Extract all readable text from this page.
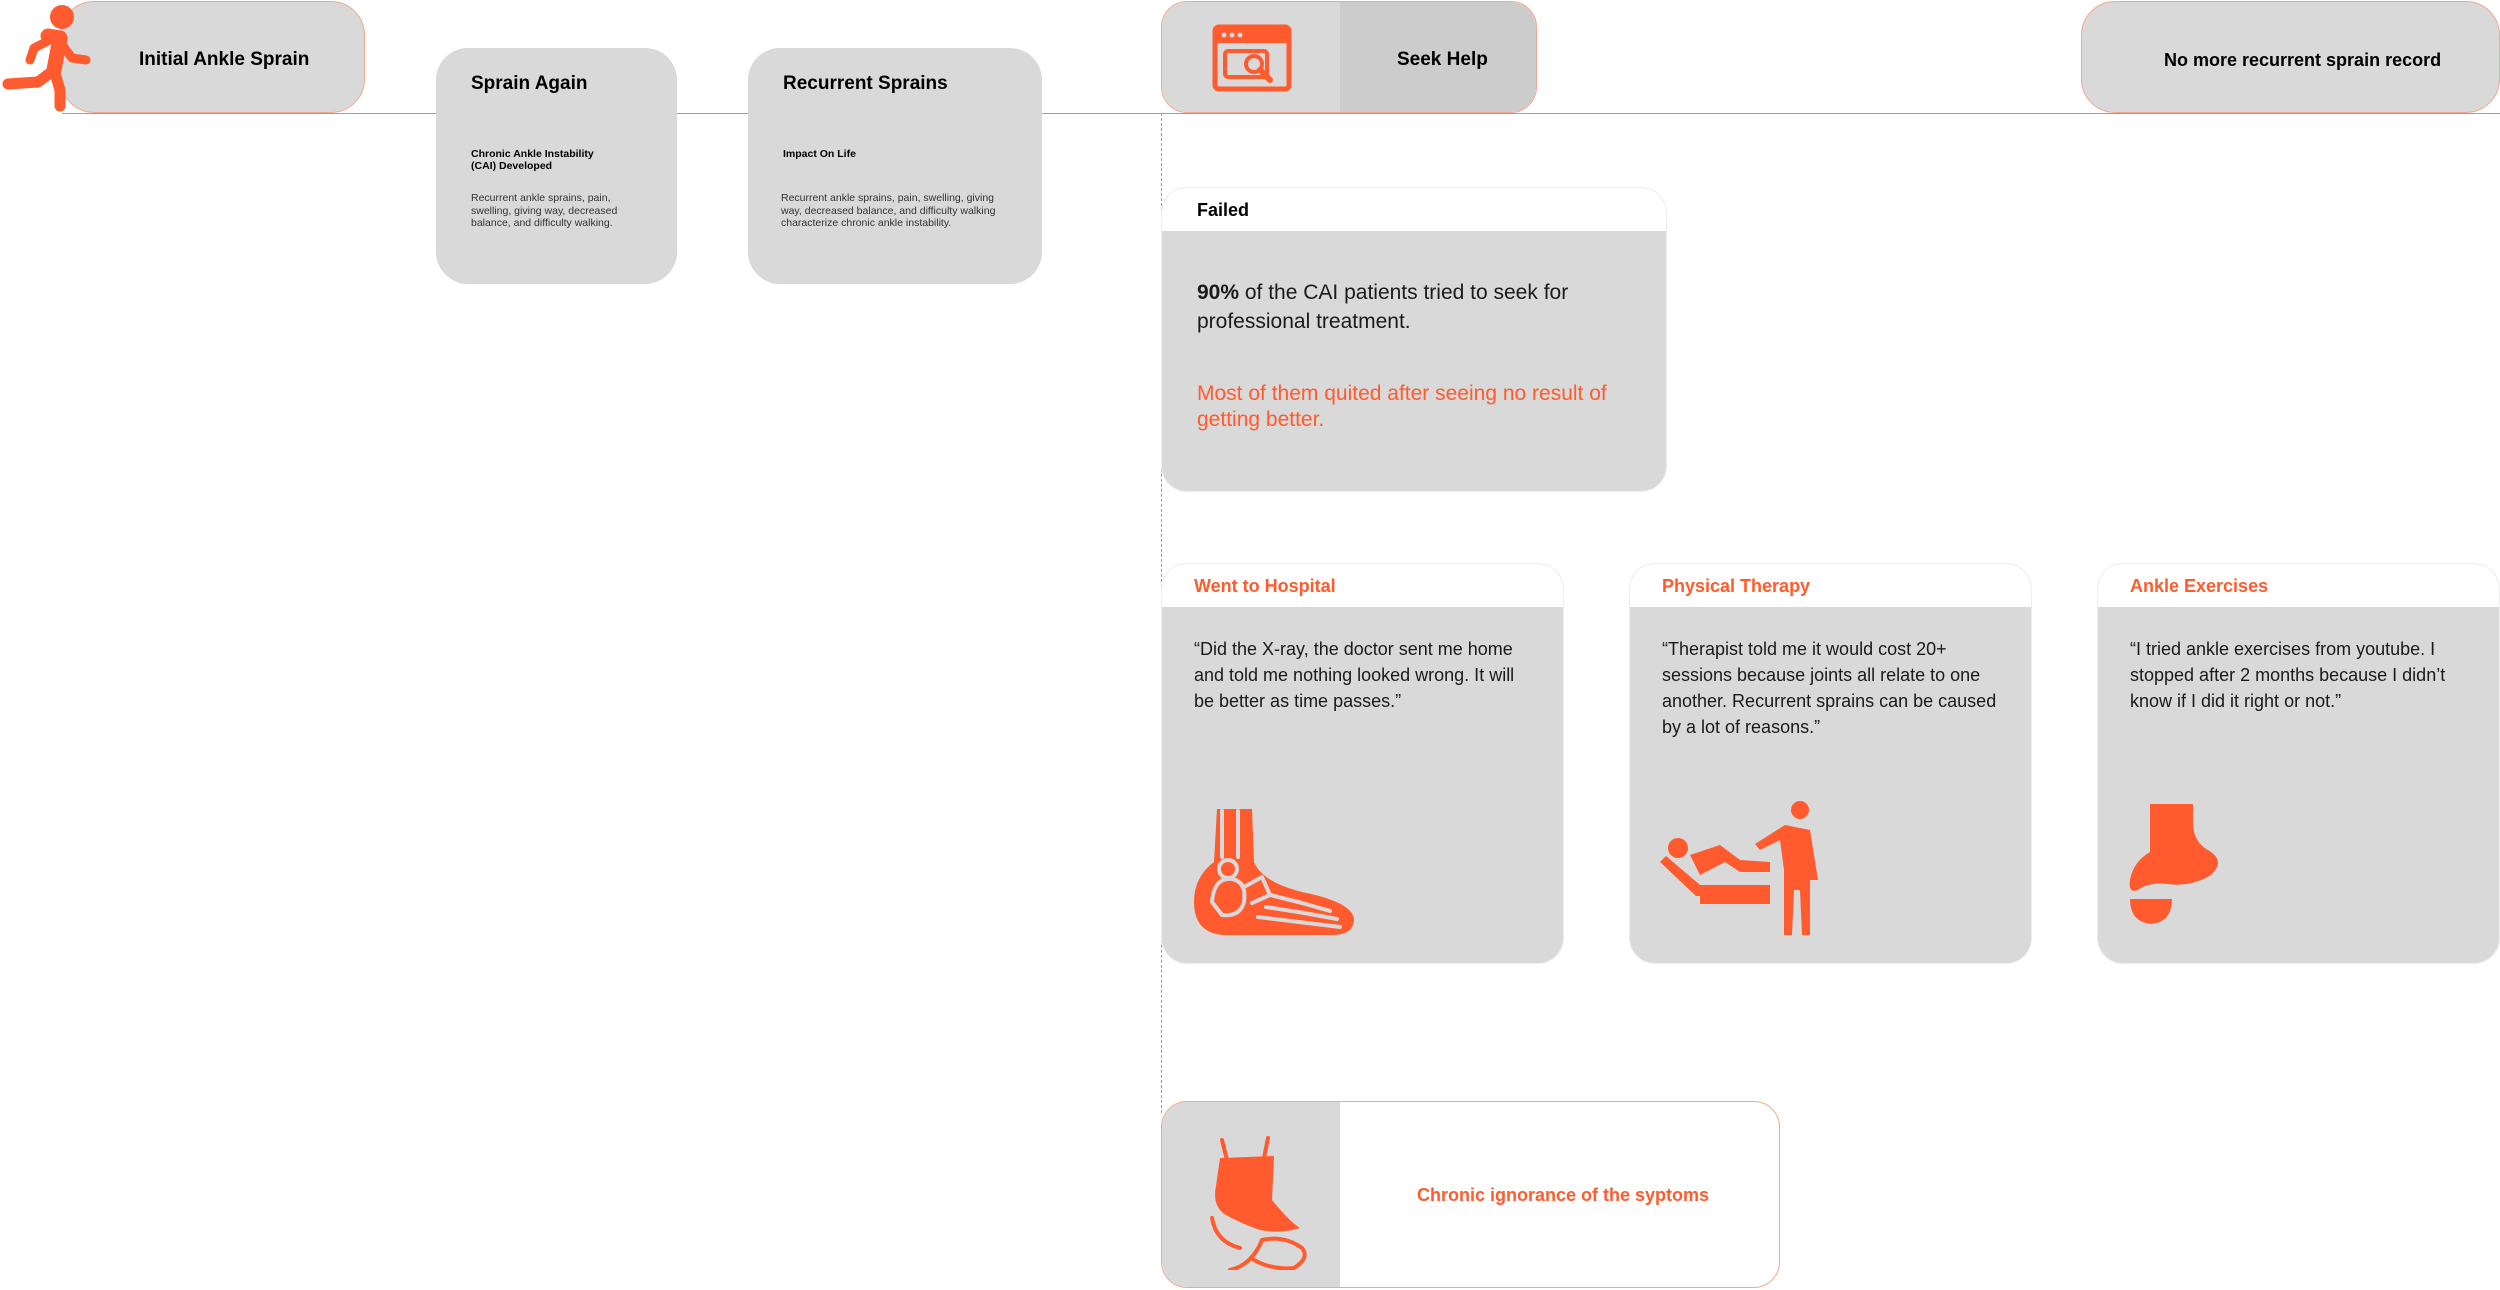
Initial Ankle Sprain
Sprain Again
Chronic Ankle Instability (CAI) Developed
Recurrent ankle sprains, pain, swelling, giving way, decreased balance, and difficulty walking.
Recurrent Sprains
Impact On Life
Recurrent ankle sprains, pain, swelling, giving way, decreased balance, and difficulty walking characterize chronic ankle instability.
Seek Help	No more recurrent sprain record
Failed
90% of the CAI patients tried to seek for professional treatment.
Most of them quited after seeing no result of getting better.
Went to Hospital
“Did the X-ray, the doctor sent me home and told me nothing looked wrong. It will be better as time passes.”
Physical Therapy
“Therapist told me it would cost 20+ sessions because joints all relate to one another. Recurrent sprains can be caused by a lot of reasons.”
Ankle Exercises
“I tried ankle exercises from youtube. I stopped after 2 months because I didn’t know if I did it right or not.”
Chronic ignorance of the syptoms
